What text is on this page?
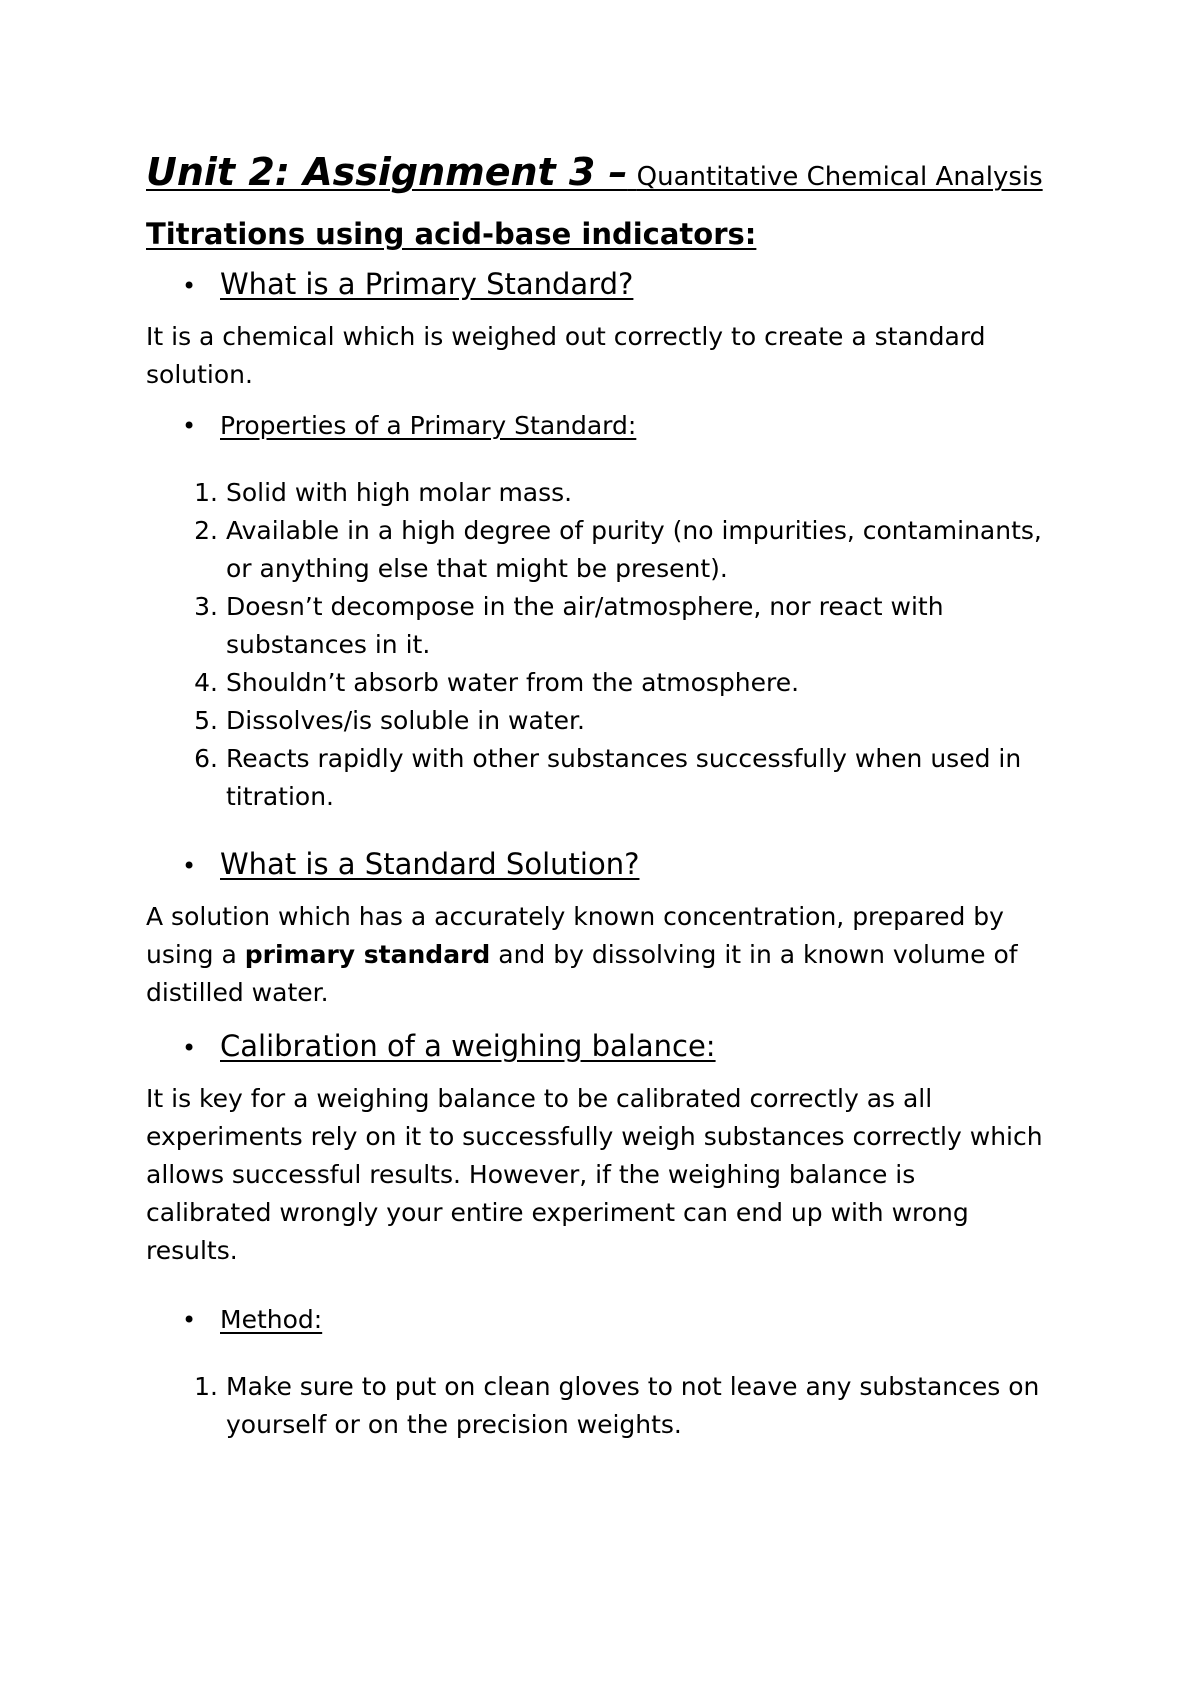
Unit 2: Assignment 3 – Quantitative Chemical Analysis
Titrations using acid-base indicators:
• What is a Primary Standard?

It is a chemical which is weighed out correctly to create a standard solution.

• Properties of a Primary Standard:
1. Solid with high molar mass.
2. Available in a high degree of purity (no impurities, contaminants, or anything else that might be present).
3. Doesn’t decompose in the air/atmosphere, nor react with substances in it.
4. Shouldn’t absorb water from the atmosphere.
5. Dissolves/is soluble in water.
6. Reacts rapidly with other substances successfully when used in titration.
• What is a Standard Solution?

A solution which has a accurately known concentration, prepared by using a primary standard and by dissolving it in a known volume of distilled water.

• Calibration of a weighing balance:

It is key for a weighing balance to be calibrated correctly as all experiments rely on it to successfully weigh substances correctly which allows successful results. However, if the weighing balance is calibrated wrongly your entire experiment can end up with wrong results.

• Method:
1. Make sure to put on clean gloves to not leave any substances on yourself or on the precision weights.
